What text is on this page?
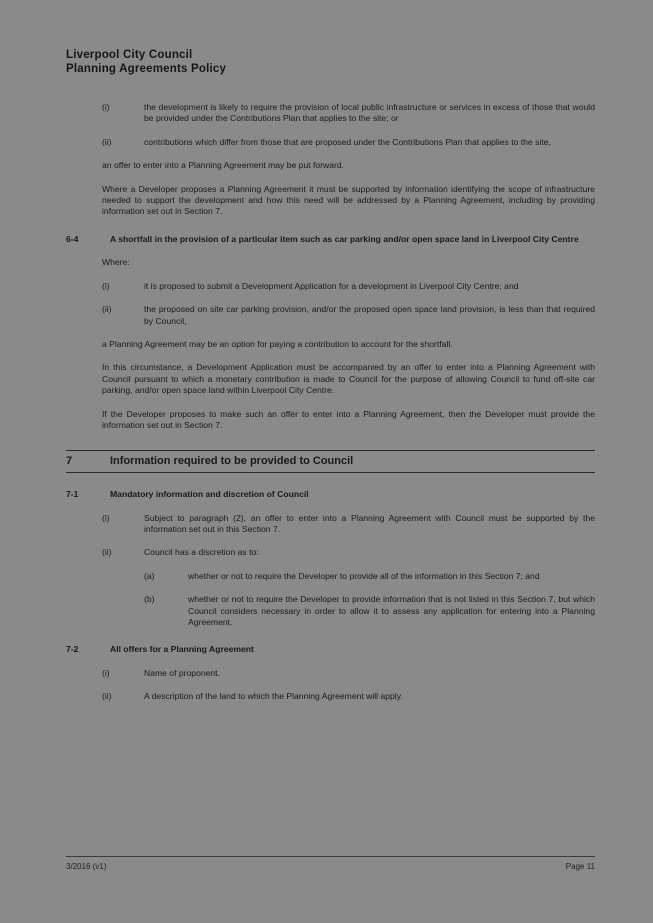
Liverpool City Council
Planning Agreements Policy
(i)	the development is likely to require the provision of local public infrastructure or services in excess of those that would be provided under the Contributions Plan that applies to the site; or
(ii)	contributions which differ from those that are proposed under the Contributions Plan that applies to the site,
an offer to enter into a Planning Agreement may be put forward.
Where a Developer proposes a Planning Agreement it must be supported by information identifying the scope of infrastructure needed to support the development and how this need will be addressed by a Planning Agreement, including by providing information set out in Section 7.
6-4	A shortfall in the provision of a particular item such as car parking and/or open space land in Liverpool City Centre
Where:
(i)	it is proposed to submit a Development Application for a development in Liverpool City Centre; and
(ii)	the proposed on site car parking provision, and/or the proposed open space land provision, is less than that required by Council,
a Planning Agreement may be an option for paying a contribution to account for the shortfall.
In this circumstance, a Development Application must be accompanied by an offer to enter into a Planning Agreement with Council pursuant to which a monetary contribution is made to Council for the purpose of allowing Council to fund off-site car parking, and/or open space land within Liverpool City Centre.
If the Developer proposes to make such an offer to enter into a Planning Agreement, then the Developer must provide the information set out in Section 7.
7	Information required to be provided to Council
7-1	Mandatory information and discretion of Council
(i)	Subject to paragraph (2), an offer to enter into a Planning Agreement with Council must be supported by the information set out in this Section 7.
(ii)	Council has a discretion as to:
(a)	whether or not to require the Developer to provide all of the information in this Section 7; and
(b)	whether or not to require the Developer to provide information that is not listed in this Section 7, but which Council considers necessary in order to allow it to assess any application for entering into a Planning Agreement.
7-2	All offers for a Planning Agreement
(i)	Name of proponent.
(ii)	A description of the land to which the Planning Agreement will apply.
3/2016 (v1)	Page 11
